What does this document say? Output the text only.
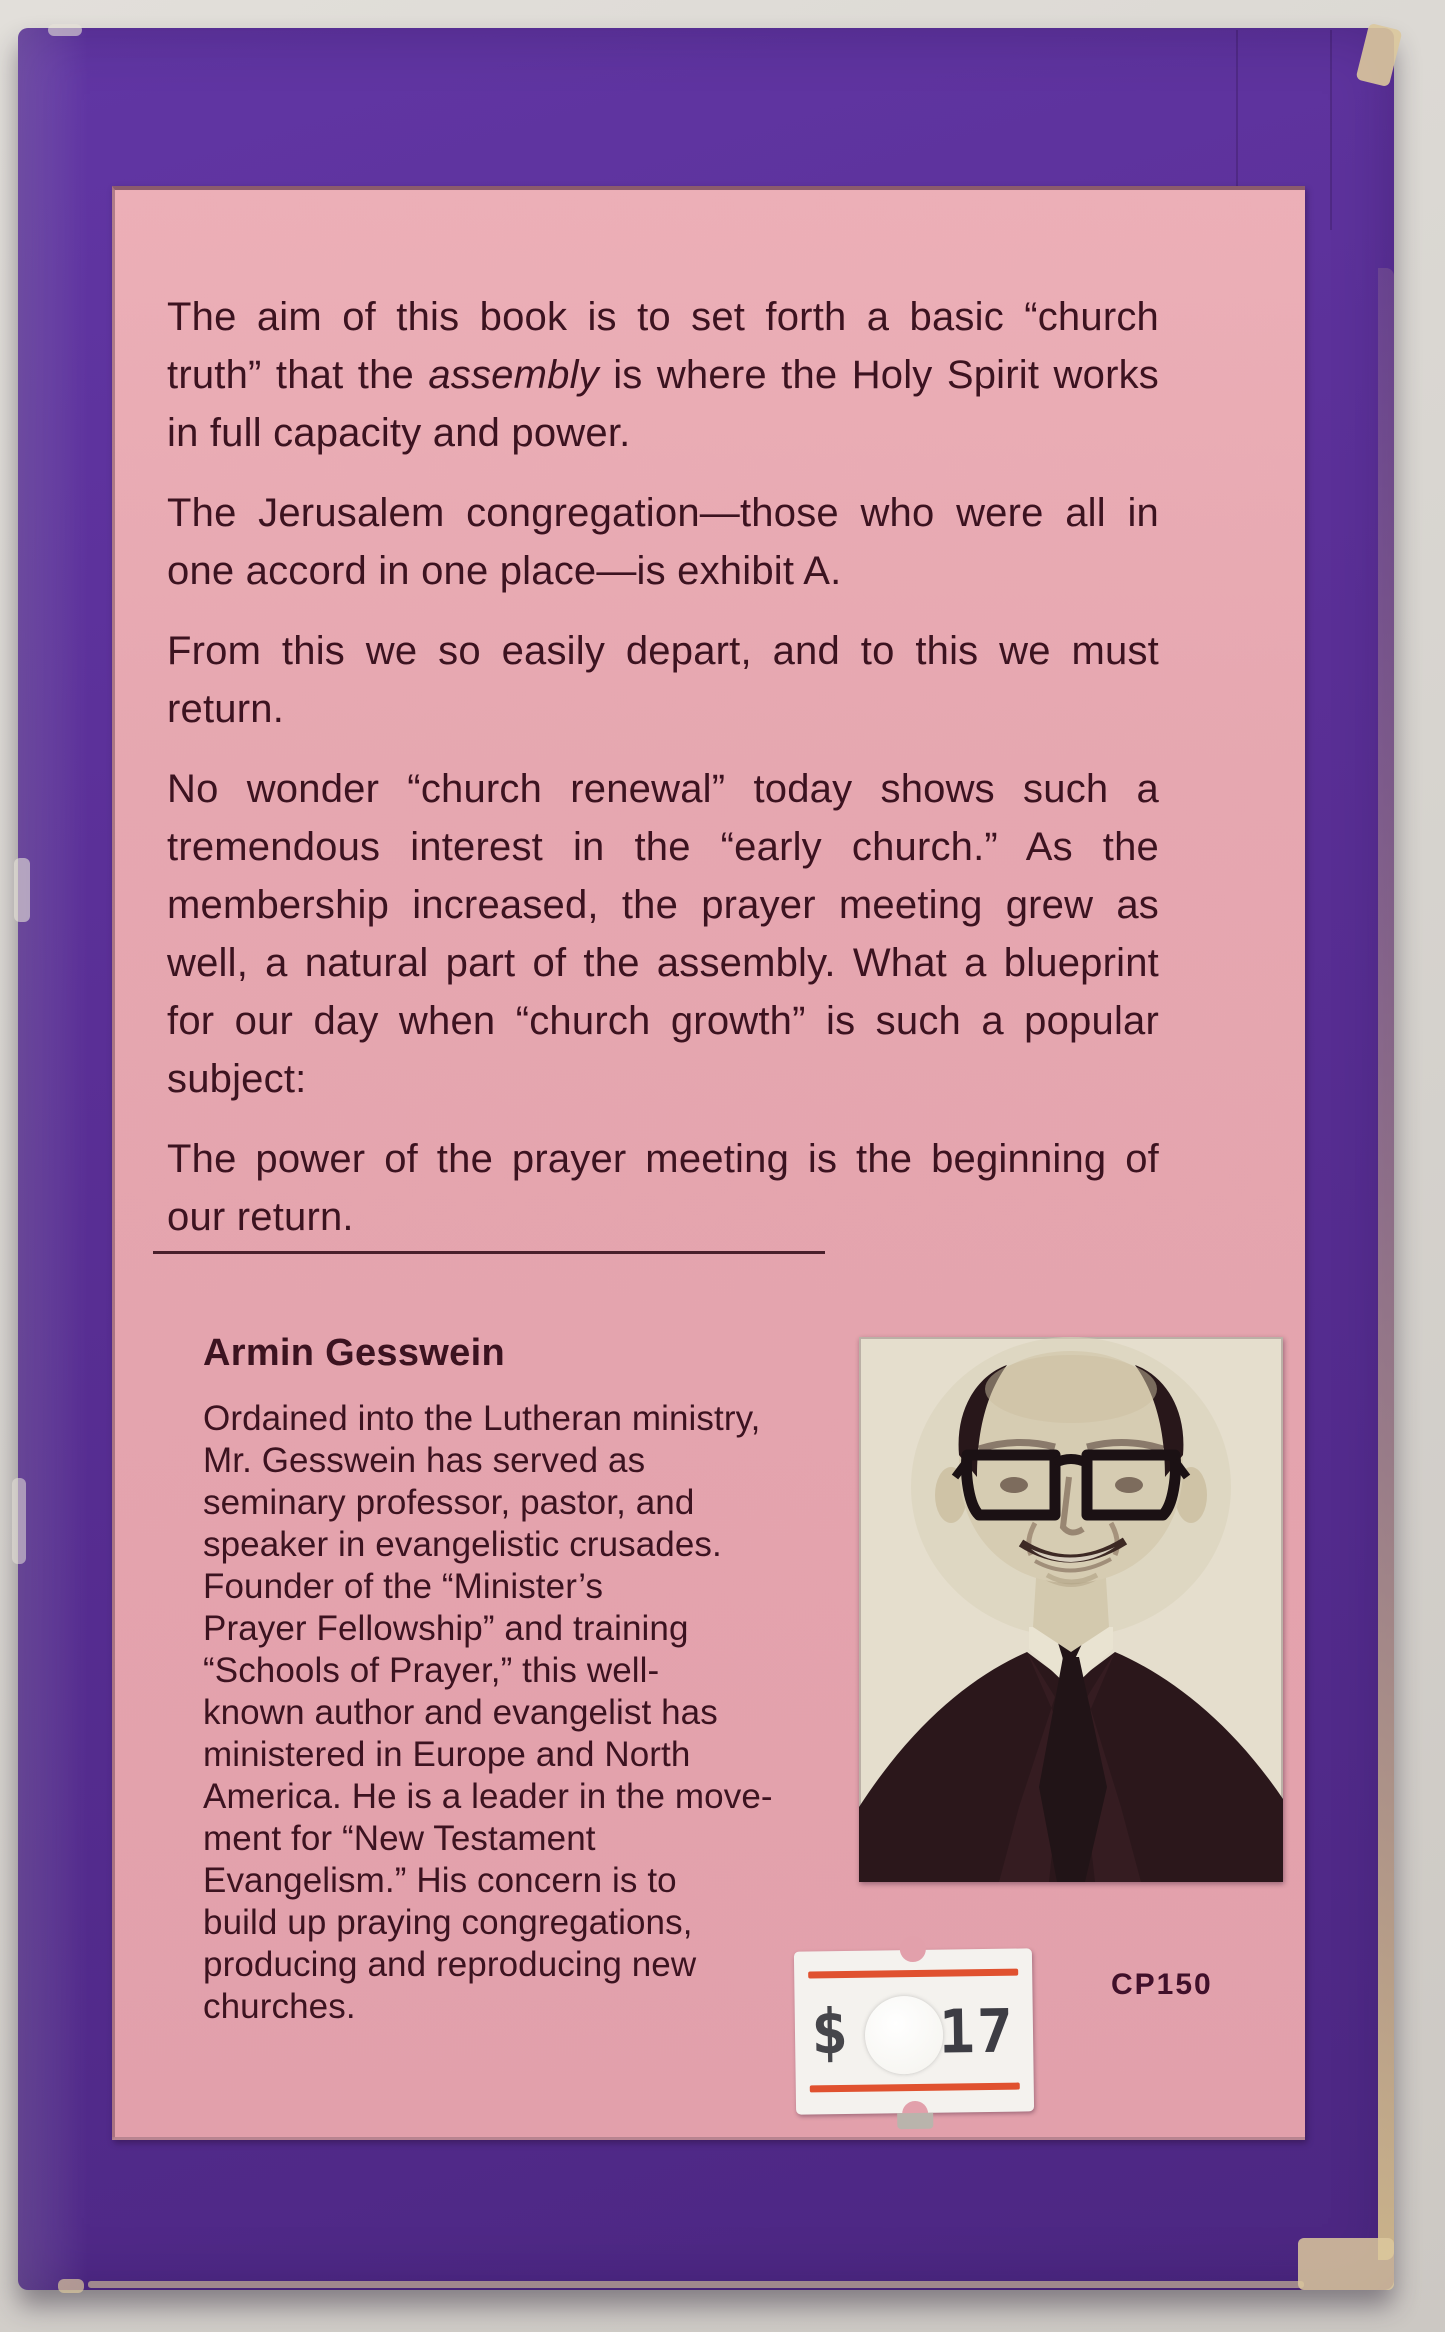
The aim of this book is to set forth a basic “church truth” that the assembly is where the Holy Spirit works in full capacity and power.

The Jerusalem congregation—those who were all in one accord in one place—is exhibit A.

From this we so easily depart, and to this we must return.

No wonder “church renewal” today shows such a tremendous interest in the “early church.” As the membership increased, the prayer meeting grew as well, a natural part of the assembly. What a blueprint for our day when “church growth” is such a popular subject:

The power of the prayer meeting is the beginning of our return.

Armin Gesswein
Ordained into the Lutheran ministry,
Mr. Gesswein has served as
seminary professor, pastor, and
speaker in evangelistic crusades.
Founder of the “Minister’s
Prayer Fellowship” and training
“Schools of Prayer,” this well-
known author and evangelist has
ministered in Europe and North
America. He is a leader in the move-
ment for “New Testament
Evangelism.” His concern is to
build up praying congregations,
producing and reproducing new
churches.	$ 17
CP150
